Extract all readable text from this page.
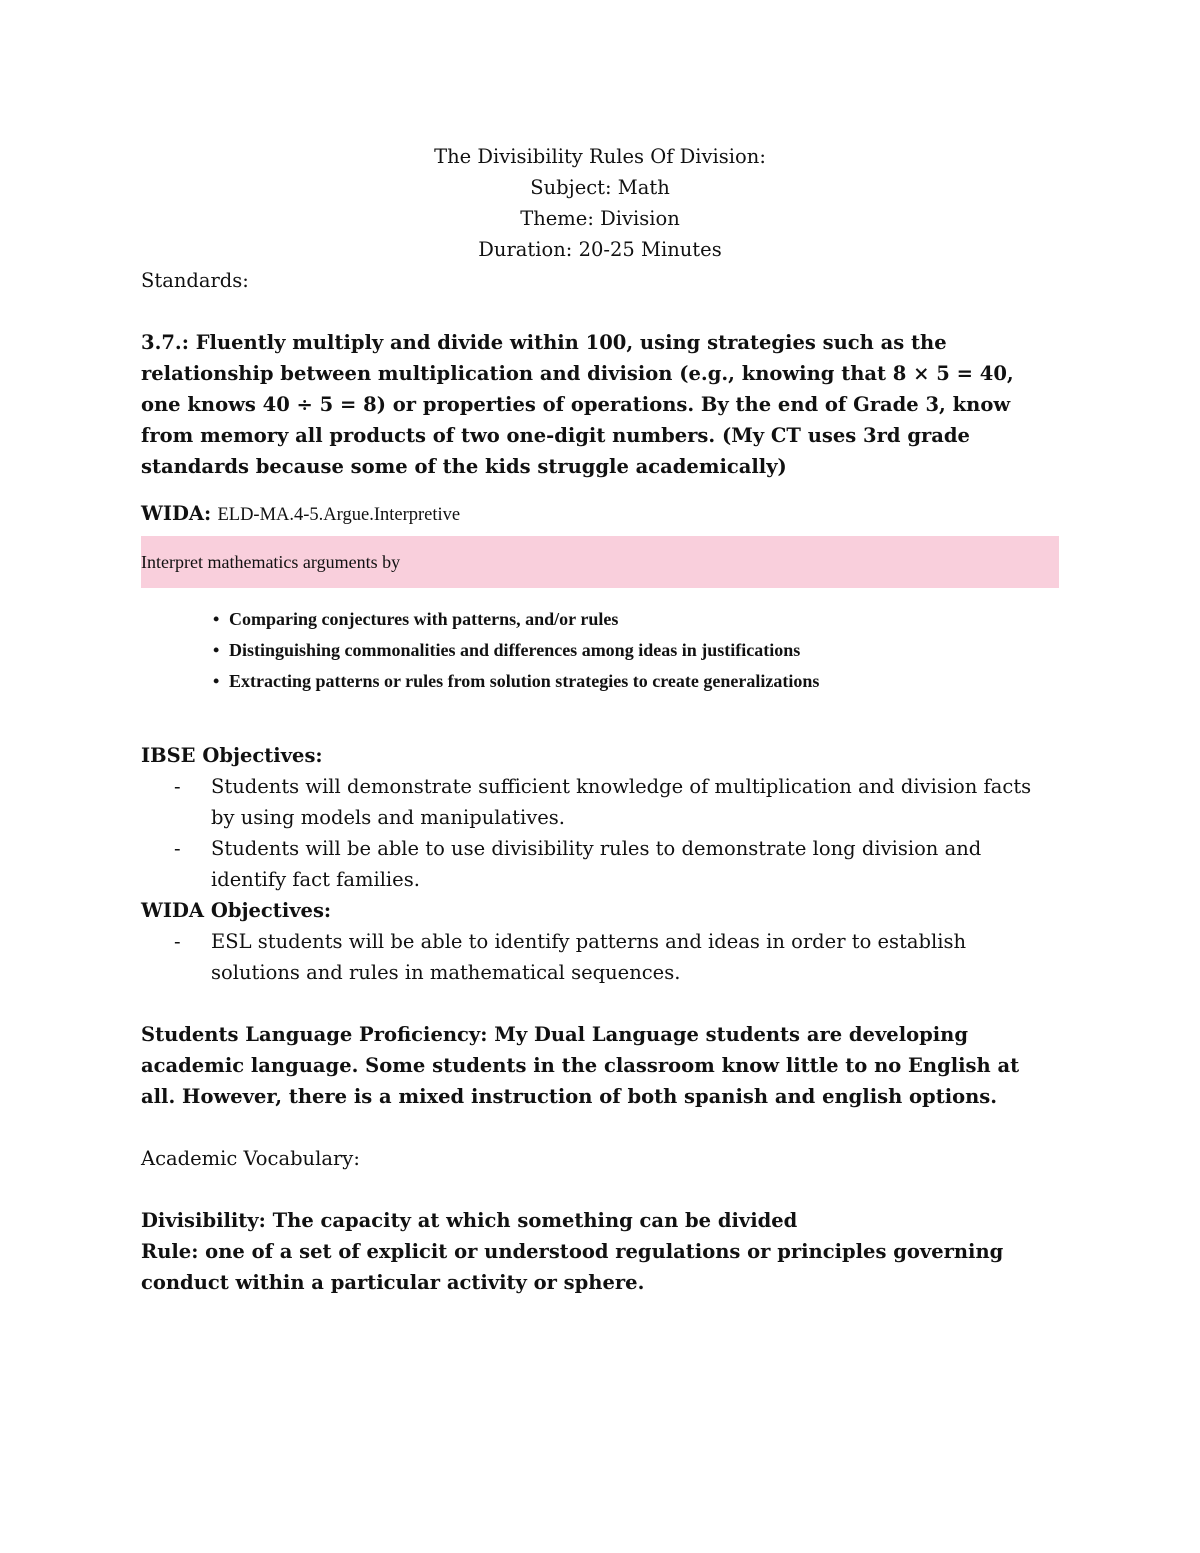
The Divisibility Rules Of Division:
Subject: Math
Theme: Division
Duration: 20-25 Minutes
Standards:
3.7.: Fluently multiply and divide within 100, using strategies such as the relationship between multiplication and division (e.g., knowing that 8 × 5 = 40, one knows 40 ÷ 5 = 8) or properties of operations. By the end of Grade 3, know from memory all products of two one-digit numbers. (My CT uses 3rd grade standards because some of the kids struggle academically)
WIDA: ELD-MA.4-5.Argue.Interpretive
Interpret mathematics arguments by
• Comparing conjectures with patterns, and/or rules
• Distinguishing commonalities and differences among ideas in justifications
• Extracting patterns or rules from solution strategies to create generalizations
IBSE Objectives:
- Students will demonstrate sufficient knowledge of multiplication and division facts by using models and manipulatives.
- Students will be able to use divisibility rules to demonstrate long division and identify fact families.
WIDA Objectives:
- ESL students will be able to identify patterns and ideas in order to establish solutions and rules in mathematical sequences.
Students Language Proficiency: My Dual Language students are developing academic language. Some students in the classroom know little to no English at all. However, there is a mixed instruction of both spanish and english options.
Academic Vocabulary:
Divisibility: The capacity at which something can be divided
Rule: one of a set of explicit or understood regulations or principles governing conduct within a particular activity or sphere.
